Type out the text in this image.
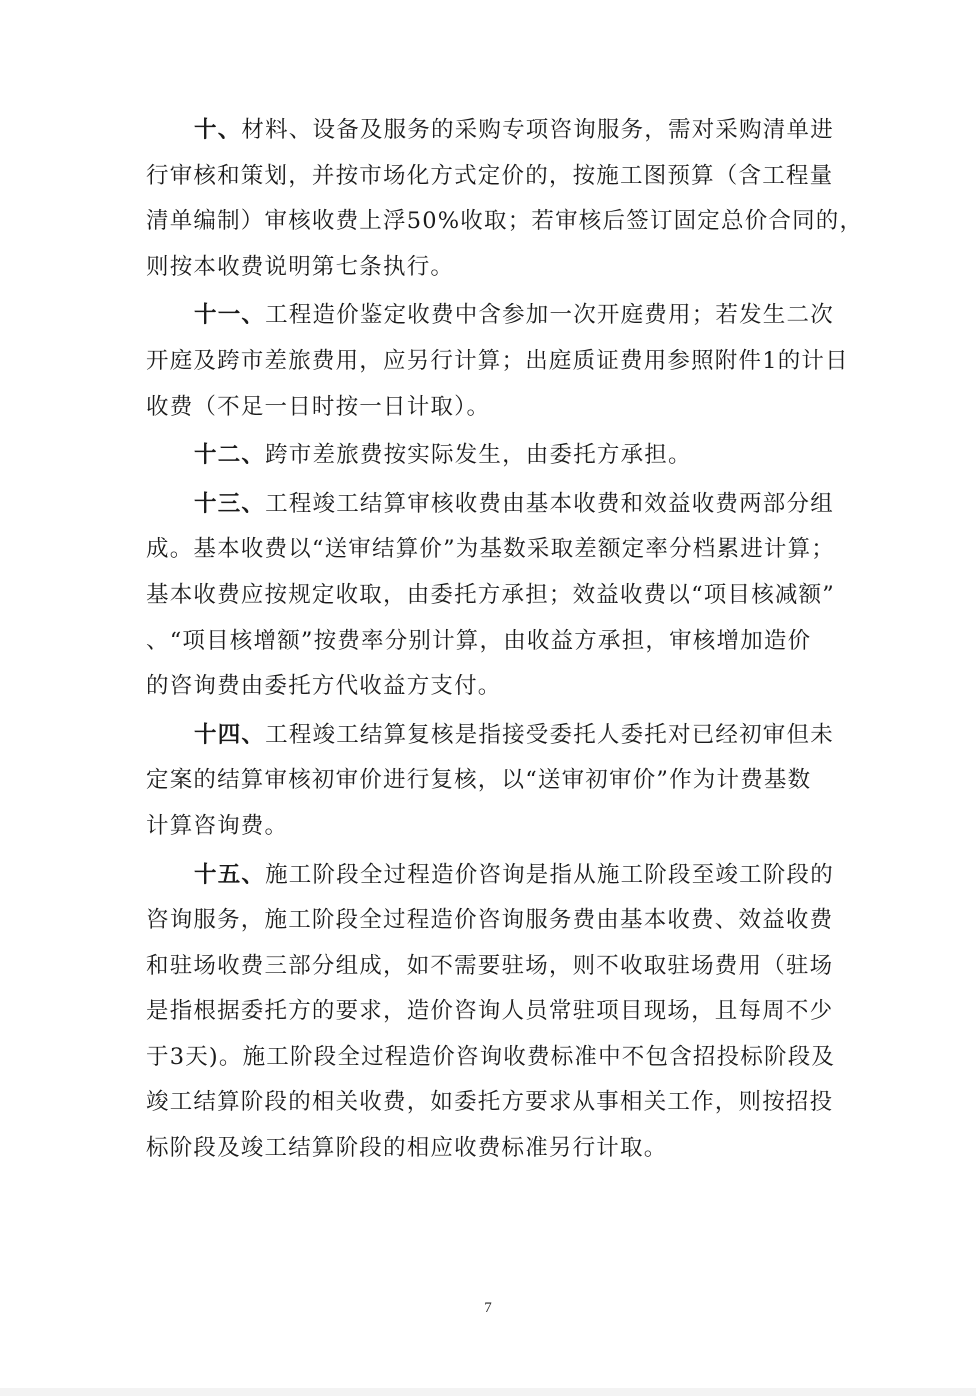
十、材料、设备及服务的采购专项咨询服务，需对采购清单进
行审核和策划，并按市场化方式定价的，按施工图预算（含工程量
清单编制）审核收费上浮50%收取；若审核后签订固定总价合同的，
则按本收费说明第七条执行。
十一、工程造价鉴定收费中含参加一次开庭费用；若发生二次
开庭及跨市差旅费用，应另行计算；出庭质证费用参照附件1的计日
收费（不足一日时按一日计取）。
十二、跨市差旅费按实际发生，由委托方承担。
十三、工程竣工结算审核收费由基本收费和效益收费两部分组
成。基本收费以“送审结算价”为基数采取差额定率分档累进计算；
基本收费应按规定收取，由委托方承担；效益收费以“项目核减额”
、“项目核增额”按费率分别计算，由收益方承担，审核增加造价
的咨询费由委托方代收益方支付。
十四、工程竣工结算复核是指接受委托人委托对已经初审但未
定案的结算审核初审价进行复核，以“送审初审价”作为计费基数
计算咨询费。
十五、施工阶段全过程造价咨询是指从施工阶段至竣工阶段的
咨询服务，施工阶段全过程造价咨询服务费由基本收费、效益收费
和驻场收费三部分组成，如不需要驻场，则不收取驻场费用（驻场
是指根据委托方的要求，造价咨询人员常驻项目现场，且每周不少
于3天)。施工阶段全过程造价咨询收费标准中不包含招投标阶段及
竣工结算阶段的相关收费，如委托方要求从事相关工作，则按招投
标阶段及竣工结算阶段的相应收费标准另行计取。
7
